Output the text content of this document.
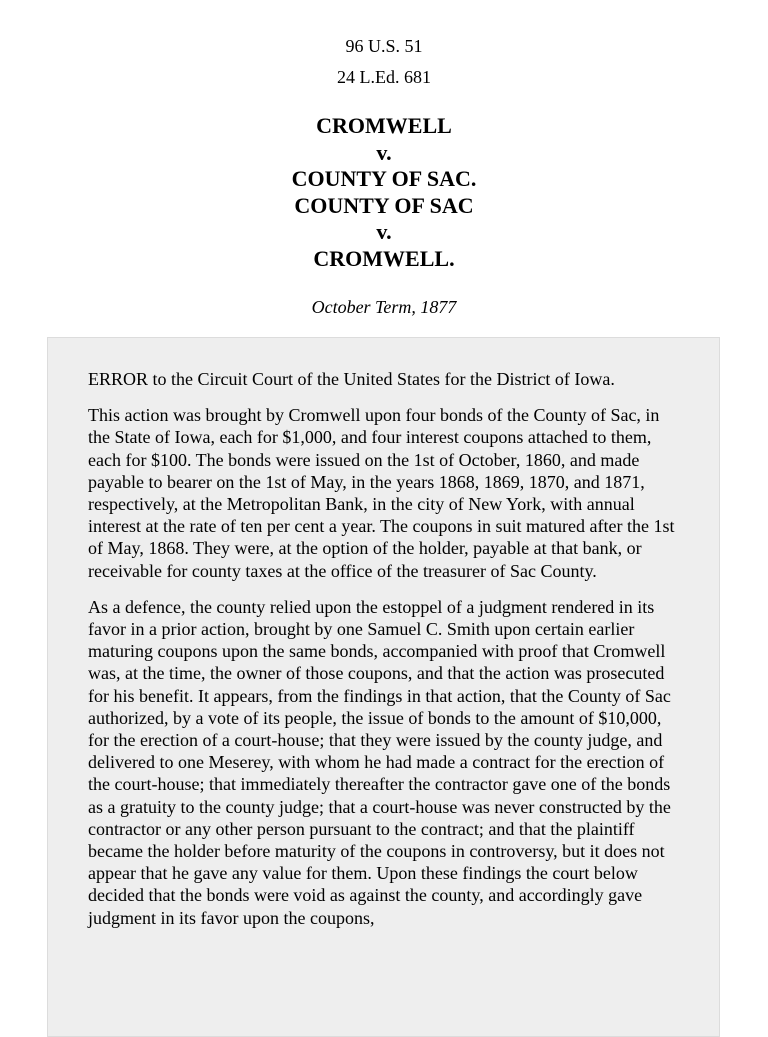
96 U.S. 51
24 L.Ed. 681
CROMWELL
v.
COUNTY OF SAC.
COUNTY OF SAC
v.
CROMWELL.
October Term, 1877

ERROR to the Circuit Court of the United States for the District of Iowa.

This action was brought by Cromwell upon four bonds of the County of Sac, in the State of Iowa, each for $1,000, and four interest coupons attached to them, each for $100. The bonds were issued on the 1st of October, 1860, and made payable to bearer on the 1st of May, in the years 1868, 1869, 1870, and 1871, respectively, at the Metropolitan Bank, in the city of New York, with annual interest at the rate of ten per cent a year. The coupons in suit matured after the 1st of May, 1868. They were, at the option of the holder, payable at that bank, or receivable for county taxes at the office of the treasurer of Sac County.

As a defence, the county relied upon the estoppel of a judgment rendered in its favor in a prior action, brought by one Samuel C. Smith upon certain earlier maturing coupons upon the same bonds, accompanied with proof that Cromwell was, at the time, the owner of those coupons, and that the action was prosecuted for his benefit. It appears, from the findings in that action, that the County of Sac authorized, by a vote of its people, the issue of bonds to the amount of $10,000, for the erection of a court-house; that they were issued by the county judge, and delivered to one Meserey, with whom he had made a contract for the erection of the court-house; that immediately thereafter the contractor gave one of the bonds as a gratuity to the county judge; that a court-house was never constructed by the contractor or any other person pursuant to the contract; and that the plaintiff became the holder before maturity of the coupons in controversy, but it does not appear that he gave any value for them. Upon these findings the court below decided that the bonds were void as against the county, and accordingly gave judgment in its favor upon the coupons,
